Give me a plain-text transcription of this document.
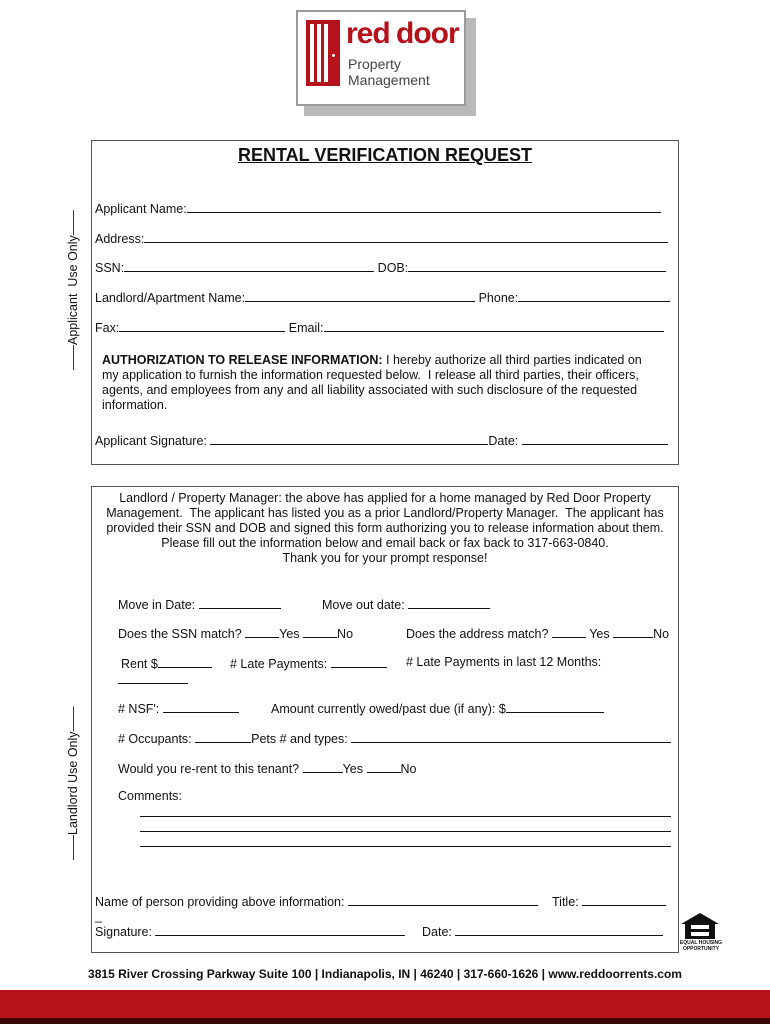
red door
Property
Management
RENTAL VERIFICATION REQUEST
——Applicant  Use Only——
Applicant Name:
Address:
SSN:	DOB:
Landlord/Apartment Name:	Phone:
Fax:	Email:
AUTHORIZATION TO RELEASE INFORMATION: I hereby authorize all third parties indicated on
my application to furnish the information requested below.  I release all third parties, their officers,
agents, and employees from any and all liability associated with such disclosure of the requested
information.
Applicant Signature:	Date:
——Landlord Use Only——
Landlord / Property Manager: the above has applied for a home managed by Red Door Property
Management.  The applicant has listed you as a prior Landlord/Property Manager.  The applicant has
provided their SSN and DOB and signed this form authorizing you to release information about them.
Please fill out the information below and email back or fax back to 317-663-0840.
Thank you for your prompt response!
Move in Date:	Move out date:
Does the SSN match?	Yes	No	Does the address match?	Yes	No
Rent $	# Late Payments:	# Late Payments in last 12 Months:
# NSF':	Amount currently owed/past due (if any): $
# Occupants:	Pets # and types:
Would you re-rent to this tenant?	Yes	No
Comments:
Name of person providing above information:	Title:
_
Signature:	Date:
EQUAL HOUSING OPPORTUNITY
3815 River Crossing Parkway Suite 100 | Indianapolis, IN | 46240 | 317-660-1626 | www.reddoorrents.com
